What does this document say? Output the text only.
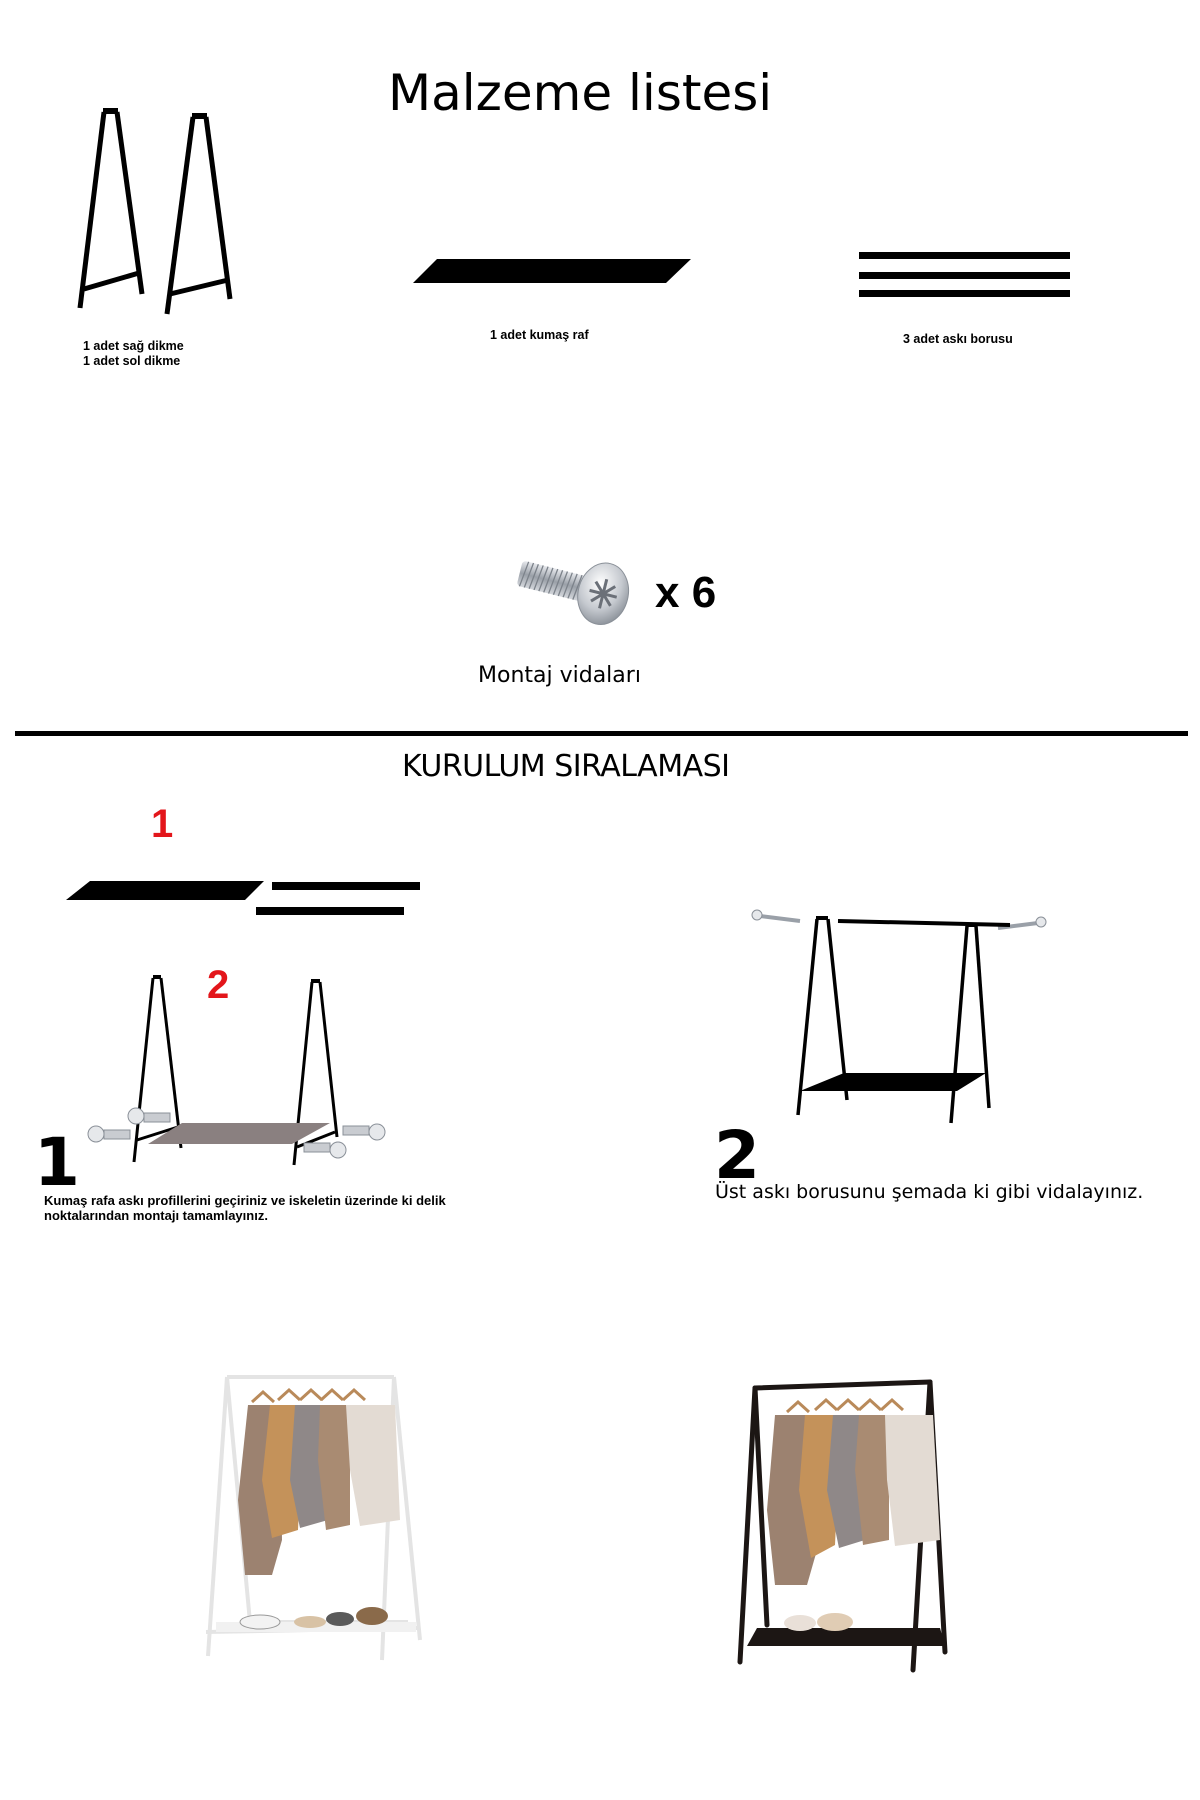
Malzeme listesi
1 adet sağ dikme
1 adet sol dikme
1 adet kumaş raf	3 adet askı borusu
x 6
Montaj vidaları
KURULUM SIRALAMASI
1
2
1
Kumaş rafa askı profillerini geçiriniz ve iskeletin üzerinde ki delik noktalarından montajı tamamlayınız.
2
Üst askı borusunu şemada ki gibi vidalayınız.
